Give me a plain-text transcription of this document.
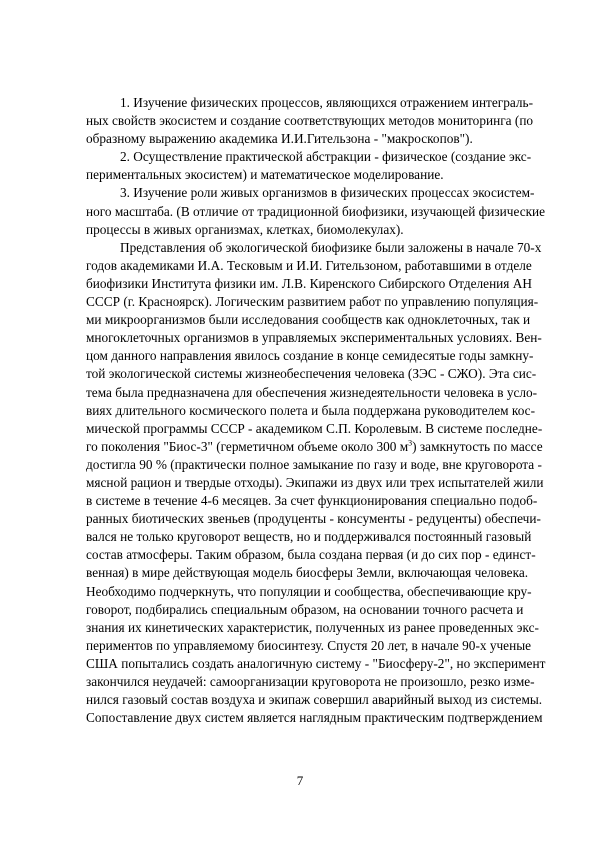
1. Изучение физических процессов, являющихся отражением интеграль-
ных свойств экосистем и создание соответствующих методов мониторинга (по
образному выражению академика И.И.Гительзона - "макроскопов").
2. Осуществление практической абстракции - физическое (создание экс-
периментальных экосистем) и математическое моделирование.
3. Изучение роли живых организмов в физических процессах экосистем-
ного масштаба. (В отличие от традиционной биофизики, изучающей физические
процессы в живых организмах, клетках, биомолекулах).
Представления об экологической биофизике были заложены в начале 70-х
годов академиками И.А. Тесковым и И.И. Гительзоном, работавшими в отделе
биофизики Института физики им. Л.В. Киренского Сибирского Отделения АН
СССР (г. Красноярск). Логическим развитием работ по управлению популяция-
ми микроорганизмов были исследования сообществ как одноклеточных, так и
многоклеточных организмов в управляемых экспериментальных условиях. Вен-
цом данного направления явилось создание в конце семидесятые годы замкну-
той экологической системы жизнеобеспечения человека (ЗЭС - СЖО). Эта сис-
тема была предназначена для обеспечения жизнедеятельности человека в усло-
виях длительного космического полета и была поддержана руководителем кос-
мической программы СССР - академиком С.П. Королевым. В системе последне-
го поколения "Биос-3" (герметичном объеме около 300 $м^3$) замкнутость по массе
достигла 90 % (практически полное замыкание по газу и воде, вне круговорота -
мясной рацион и твердые отходы). Экипажи из двух или трех испытателей жили
в системе в течение 4-6 месяцев. За счет функционирования специально подоб-
ранных биотических звеньев (продуценты - консументы - редуценты) обеспечи-
вался не только круговорот веществ, но и поддерживался постоянный газовый
состав атмосферы. Таким образом, была создана первая (и до сих пор - единст-
венная) в мире действующая модель биосферы Земли, включающая человека.
Необходимо подчеркнуть, что популяции и сообщества, обеспечивающие кру-
говорот, подбирались специальным образом, на основании точного расчета и
знания их кинетических характеристик, полученных из ранее проведенных экс-
периментов по управляемому биосинтезу. Спустя 20 лет, в начале 90-х ученые
США попытались создать аналогичную систему - "Биосферу-2", но эксперимент
закончился неудачей: самоорганизации круговорота не произошло, резко изме-
нился газовый состав воздуха и экипаж совершил аварийный выход из системы.
Сопоставление двух систем является наглядным практическим подтверждением
7
